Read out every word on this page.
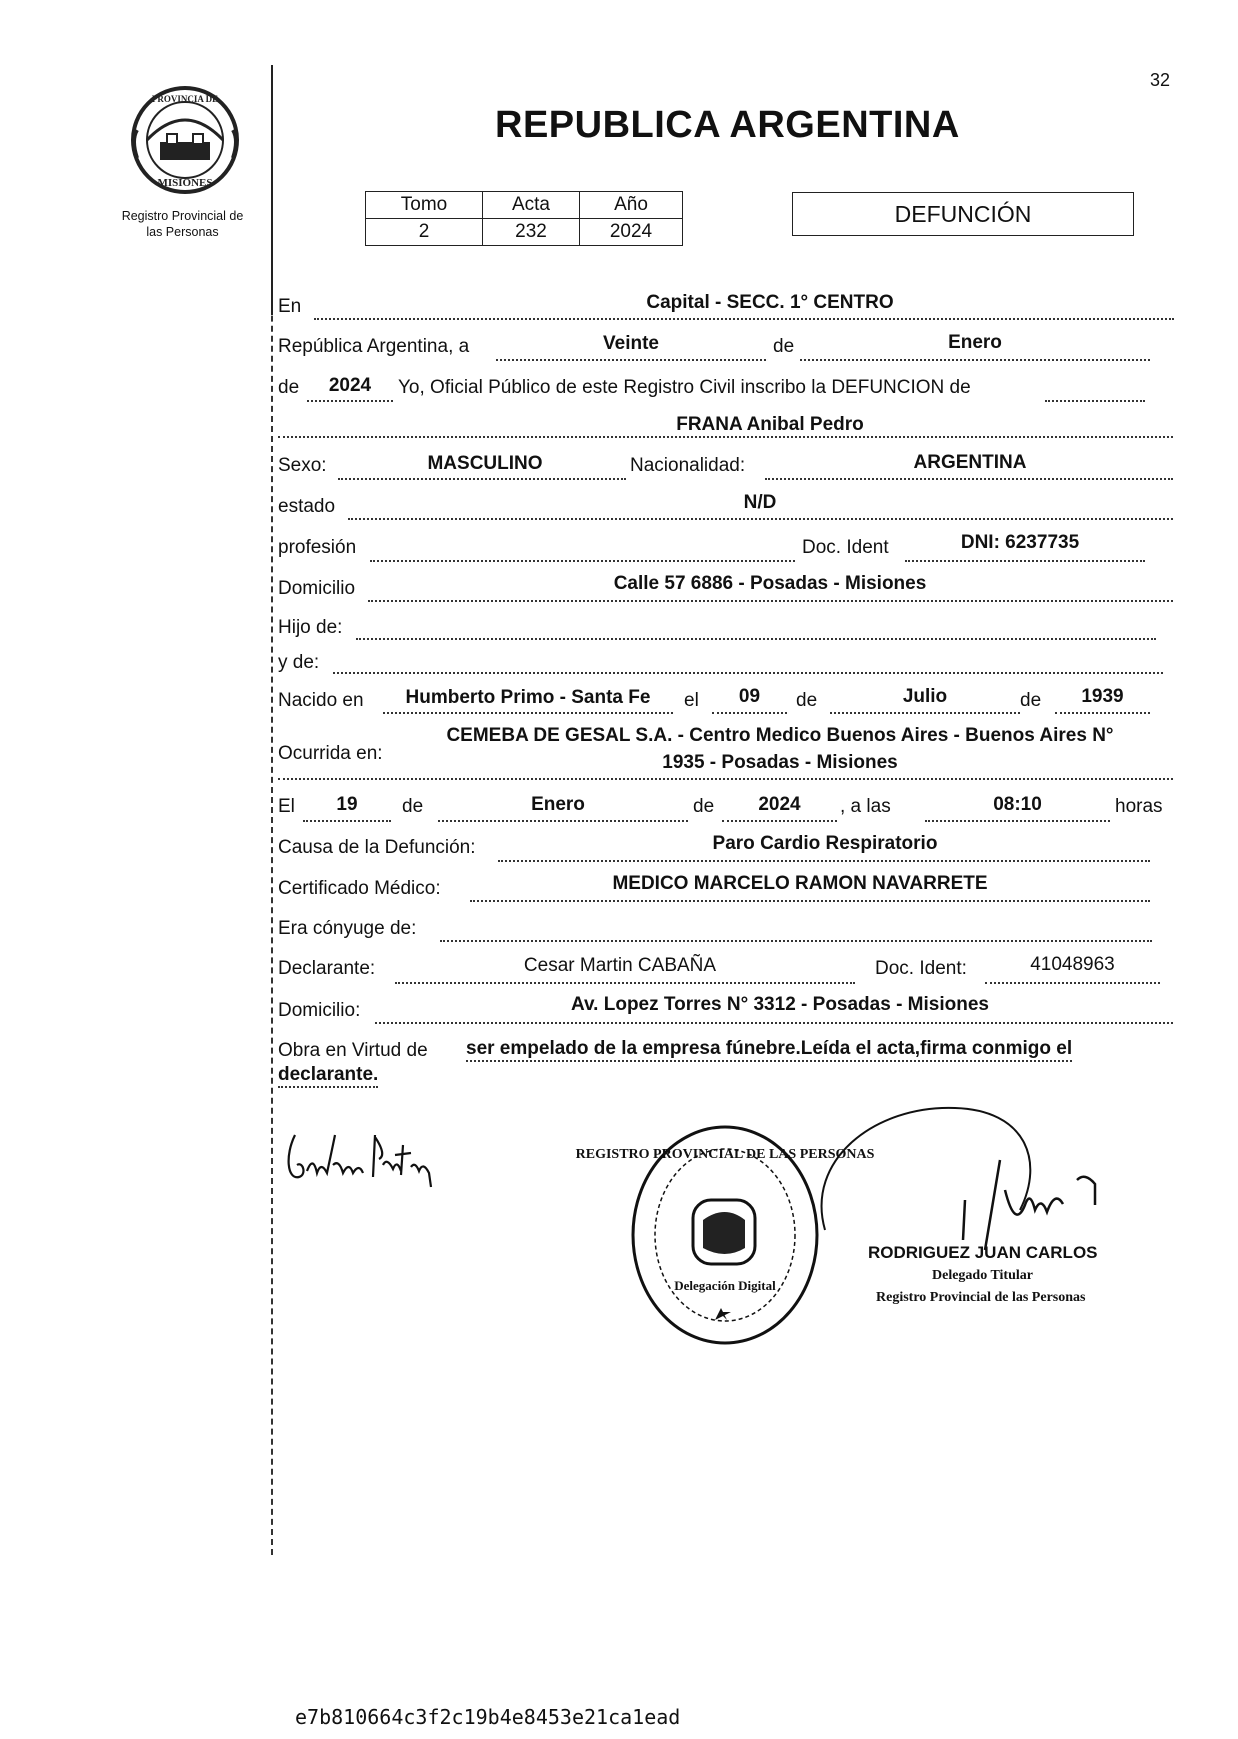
32
PROVINCIA DE
MISIONES
Registro Provincial de
las Personas
REPUBLICA ARGENTINA
Tomo	Acta	Año
2	232	2024
DEFUNCIÓN
En	Capital - SECC. 1° CENTRO
República Argentina, a	Veinte	de	Enero
de	2024	Yo, Oficial Público de este Registro Civil inscribo la DEFUNCION de
FRANA Anibal Pedro
Sexo:	MASCULINO	Nacionalidad:	ARGENTINA
estado	N/D
profesión	Doc. Ident	DNI: 6237735
Domicilio	Calle 57 6886 - Posadas - Misiones
Hijo de:
y de:
Nacido en	Humberto Primo - Santa Fe	el	09	de	Julio	de	1939
Ocurrida en:
CEMEBA DE GESAL S.A. - Centro Medico Buenos Aires - Buenos Aires N°
1935 - Posadas - Misiones
El	19	de	Enero	de	2024	, a las	08:10	horas
Causa de la Defunción:	Paro Cardio Respiratorio
Certificado Médico:	MEDICO MARCELO RAMON NAVARRETE
Era cónyuge de:
Declarante:	Cesar Martin CABAÑA	Doc. Ident:	41048963
Domicilio:	Av. Lopez Torres N° 3312 - Posadas - Misiones
Obra en Virtud de ser empelado de la empresa fúnebre.Leída el acta,firma conmigo el
declarante.
REGISTRO PROVINCIAL DE LAS PERSONAS
Delegación Digital
RODRIGUEZ JUAN CARLOS
Delegado Titular
Registro Provincial de las Personas
e7b810664c3f2c19b4e8453e21ca1ead
